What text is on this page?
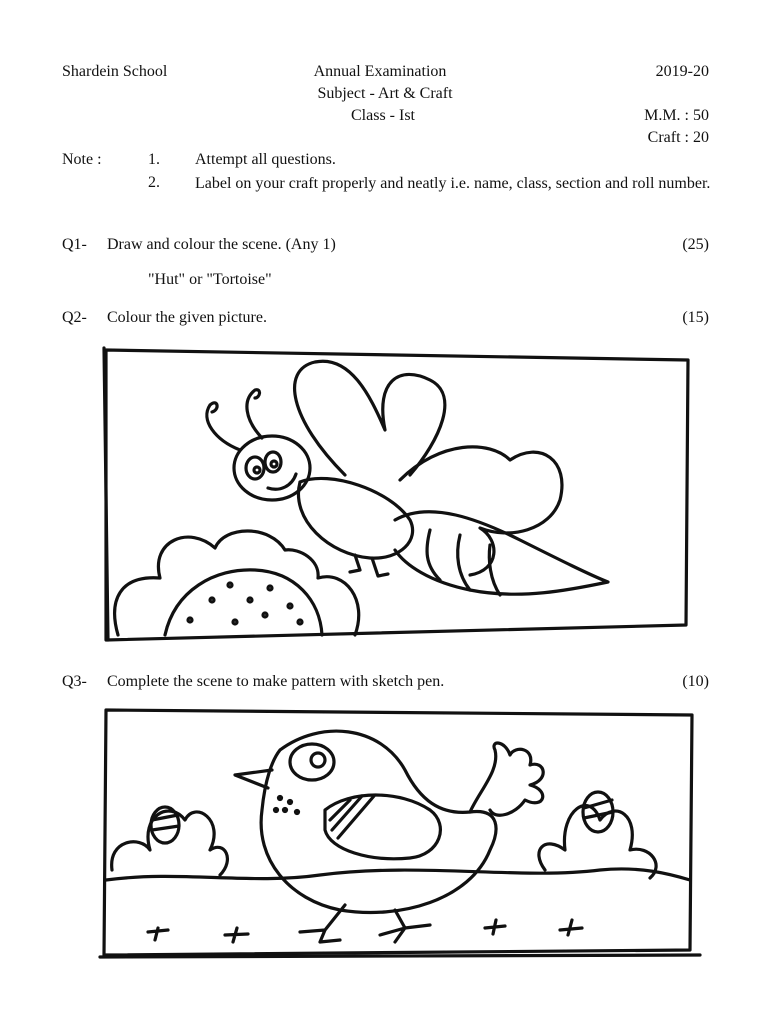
Shardein School	Annual Examination	2019-20
Subject - Art & Craft
Class - Ist	M.M. : 50
Craft : 20
Note :	1. Attempt all questions.
2. Label on your craft properly and neatly i.e. name, class, section and roll number.
Q1- Draw and colour the scene. (Any 1)	(25)
"Hut" or "Tortoise"
Q2- Colour the given picture.	(15)
Q3- Complete the scene to make pattern with sketch pen.	(10)
